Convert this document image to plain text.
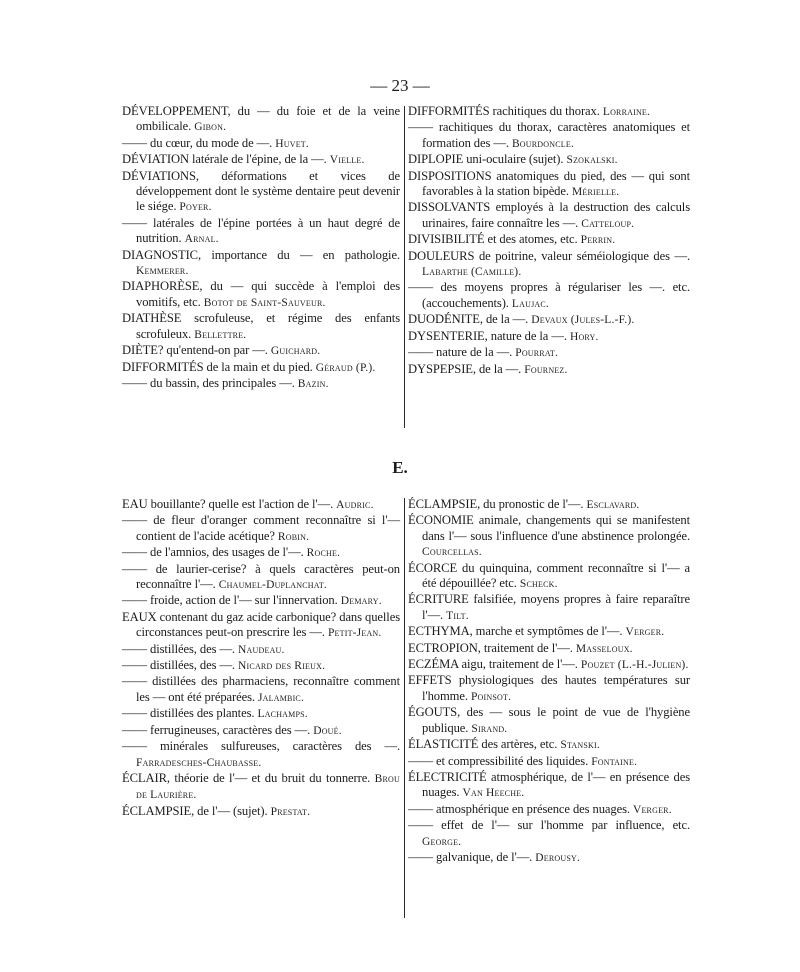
— 23 —

DÉVELOPPEMENT, du — du foie et de la veine ombilicale. Gibon.

—— du cœur, du mode de —. Huvet.

DÉVIATION latérale de l'épine, de la —. Vielle.

DÉVIATIONS, déformations et vices de développement dont le système dentaire peut devenir le siége. Poyer.

—— latérales de l'épine portées à un haut degré de nutrition. Arnal.

DIAGNOSTIC, importance du — en pathologie. Kemmerer.

DIAPHORÈSE, du — qui succède à l'emploi des vomitifs, etc. Botot de Saint-Sauveur.

DIATHÈSE scrofuleuse, et régime des enfants scrofuleux. Bellettre.

DIÈTE? qu'entend-on par —. Guichard.

DIFFORMITÉS de la main et du pied. Géraud (P.).

—— du bassin, des principales —. Bazin.

DIFFORMITÉS rachitiques du thorax. Lorraine.

—— rachitiques du thorax, caractères anatomiques et formation des —. Bourdoncle.

DIPLOPIE uni-oculaire (sujet). Szokalski.

DISPOSITIONS anatomiques du pied, des — qui sont favorables à la station bipède. Mérielle.

DISSOLVANTS employés à la destruction des calculs urinaires, faire connaître les —. Catteloup.

DIVISIBILITÉ et des atomes, etc. Perrin.

DOULEURS de poitrine, valeur séméiologique des —. Labarthe (Camille).

—— des moyens propres à régulariser les —. etc. (accouchements). Laujac.

DUODÉNITE, de la —. Devaux (Jules-L.-F.).

DYSENTERIE, nature de la —. Hory.

—— nature de la —. Pourrat.

DYSPEPSIE, de la —. Fournez.

E.

EAU bouillante? quelle est l'action de l'—. Audric.

—— de fleur d'oranger comment reconnaître si l'— contient de l'acide acétique? Robin.

—— de l'amnios, des usages de l'—. Roche.

—— de laurier-cerise? à quels caractères peut-on reconnaître l'—. Chaumel-Duplanchat.

—— froide, action de l'— sur l'innervation. Demary.

EAUX contenant du gaz acide carbonique? dans quelles circonstances peut-on prescrire les —. Petit-Jean.

—— distillées, des —. Naudeau.

—— distillées, des —. Nicard des Rieux.

—— distillées des pharmaciens, reconnaître comment les — ont été préparées. Jalambic.

—— distillées des plantes. Lachamps.

—— ferrugineuses, caractères des —. Doué.

—— minérales sulfureuses, caractères des —. Farradesches-Chaubasse.

ÉCLAIR, théorie de l'— et du bruit du tonnerre. Brou de Laurière.

ÉCLAMPSIE, de l'— (sujet). Prestat.

ÉCLAMPSIE, du pronostic de l'—. Esclavard.

ÉCONOMIE animale, changements qui se manifestent dans l'— sous l'influence d'une abstinence prolongée. Courcellas.

ÉCORCE du quinquina, comment reconnaître si l'— a été dépouillée? etc. Scheck.

ÉCRITURE falsifiée, moyens propres à faire reparaître l'—. Tilt.

ECTHYMA, marche et symptômes de l'—. Verger.

ECTROPION, traitement de l'—. Masseloux.

ECZÉMA aigu, traitement de l'—. Pouzet (L.-H.-Julien).

EFFETS physiologiques des hautes températures sur l'homme. Poinsot.

ÉGOUTS, des — sous le point de vue de l'hygiène publique. Sirand.

ÉLASTICITÉ des artères, etc. Stanski.

—— et compressibilité des liquides. Fontaine.

ÉLECTRICITÉ atmosphérique, de l'— en présence des nuages. Van Heeche.

—— atmosphérique en présence des nuages. Verger.

—— effet de l'— sur l'homme par influence, etc. George.

—— galvanique, de l'—. Derousy.
